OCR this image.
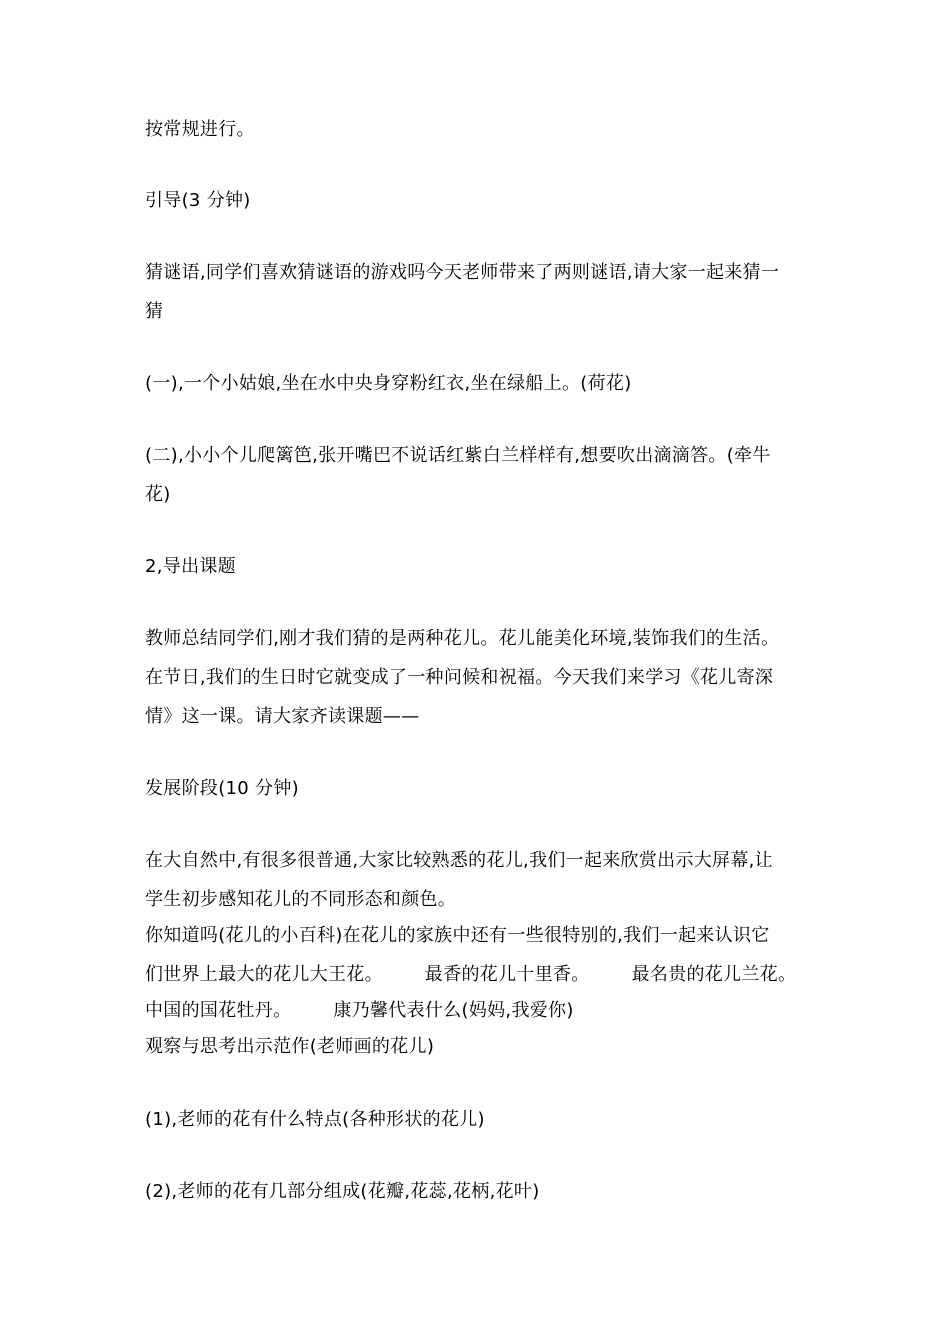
按常规进行。
引导(3 分钟)
猜谜语,同学们喜欢猜谜语的游戏吗今天老师带来了两则谜语,请大家一起来猜一
猜
(一),一个小姑娘,坐在水中央身穿粉红衣,坐在绿船上。(荷花)
(二),小小个儿爬篱笆,张开嘴巴不说话红紫白兰样样有,想要吹出滴滴答。(牵牛
花)
2,导出课题
教师总结同学们,刚才我们猜的是两种花儿。花儿能美化环境,装饰我们的生活。
在节日,我们的生日时它就变成了一种问候和祝福。今天我们来学习《花儿寄深
情》这一课。请大家齐读课题——
发展阶段(10 分钟)
在大自然中,有很多很普通,大家比较熟悉的花儿,我们一起来欣赏出示大屏幕,让
学生初步感知花儿的不同形态和颜色。
你知道吗(花儿的小百科)在花儿的家族中还有一些很特别的,我们一起来认识它
们世界上最大的花儿大王花。 最香的花儿十里香。 最名贵的花儿兰花。
中国的国花牡丹。 康乃馨代表什么(妈妈,我爱你)
观察与思考出示范作(老师画的花儿)
(1),老师的花有什么特点(各种形状的花儿)
(2),老师的花有几部分组成(花瓣,花蕊,花柄,花叶)
